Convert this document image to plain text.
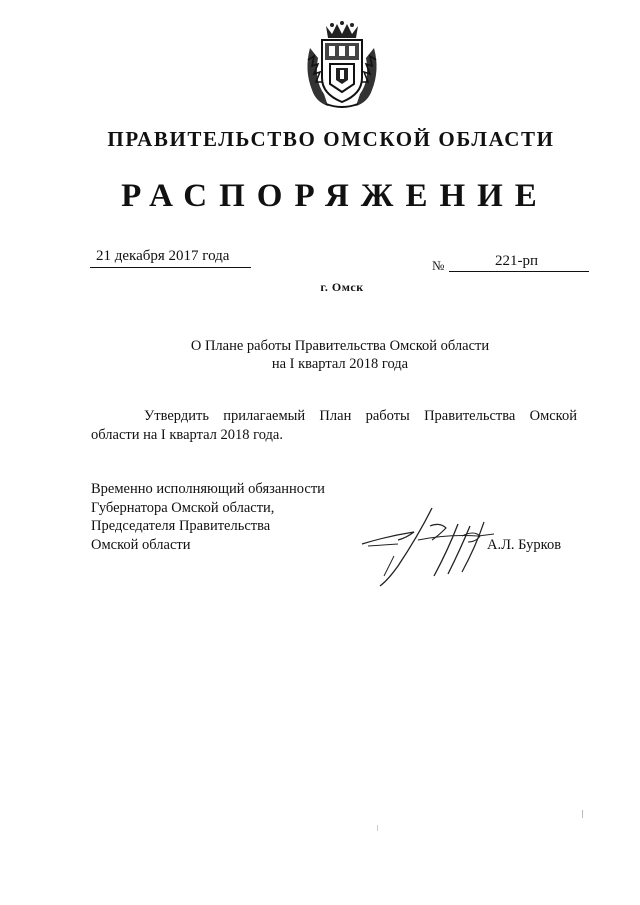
ПРАВИТЕЛЬСТВО ОМСКОЙ ОБЛАСТИ
РАСПОРЯЖЕНИЕ
21 декабря 2017 года
№	221-рп
г. Омск
О Плане работы Правительства Омской области
на I квартал 2018 года
Утвердить прилагаемый План работы Правительства Омской
области на I квартал 2018 года.
Временно исполняющий обязанности
Губернатора Омской области,
Председателя Правительства
Омской области	А.Л. Бурков
